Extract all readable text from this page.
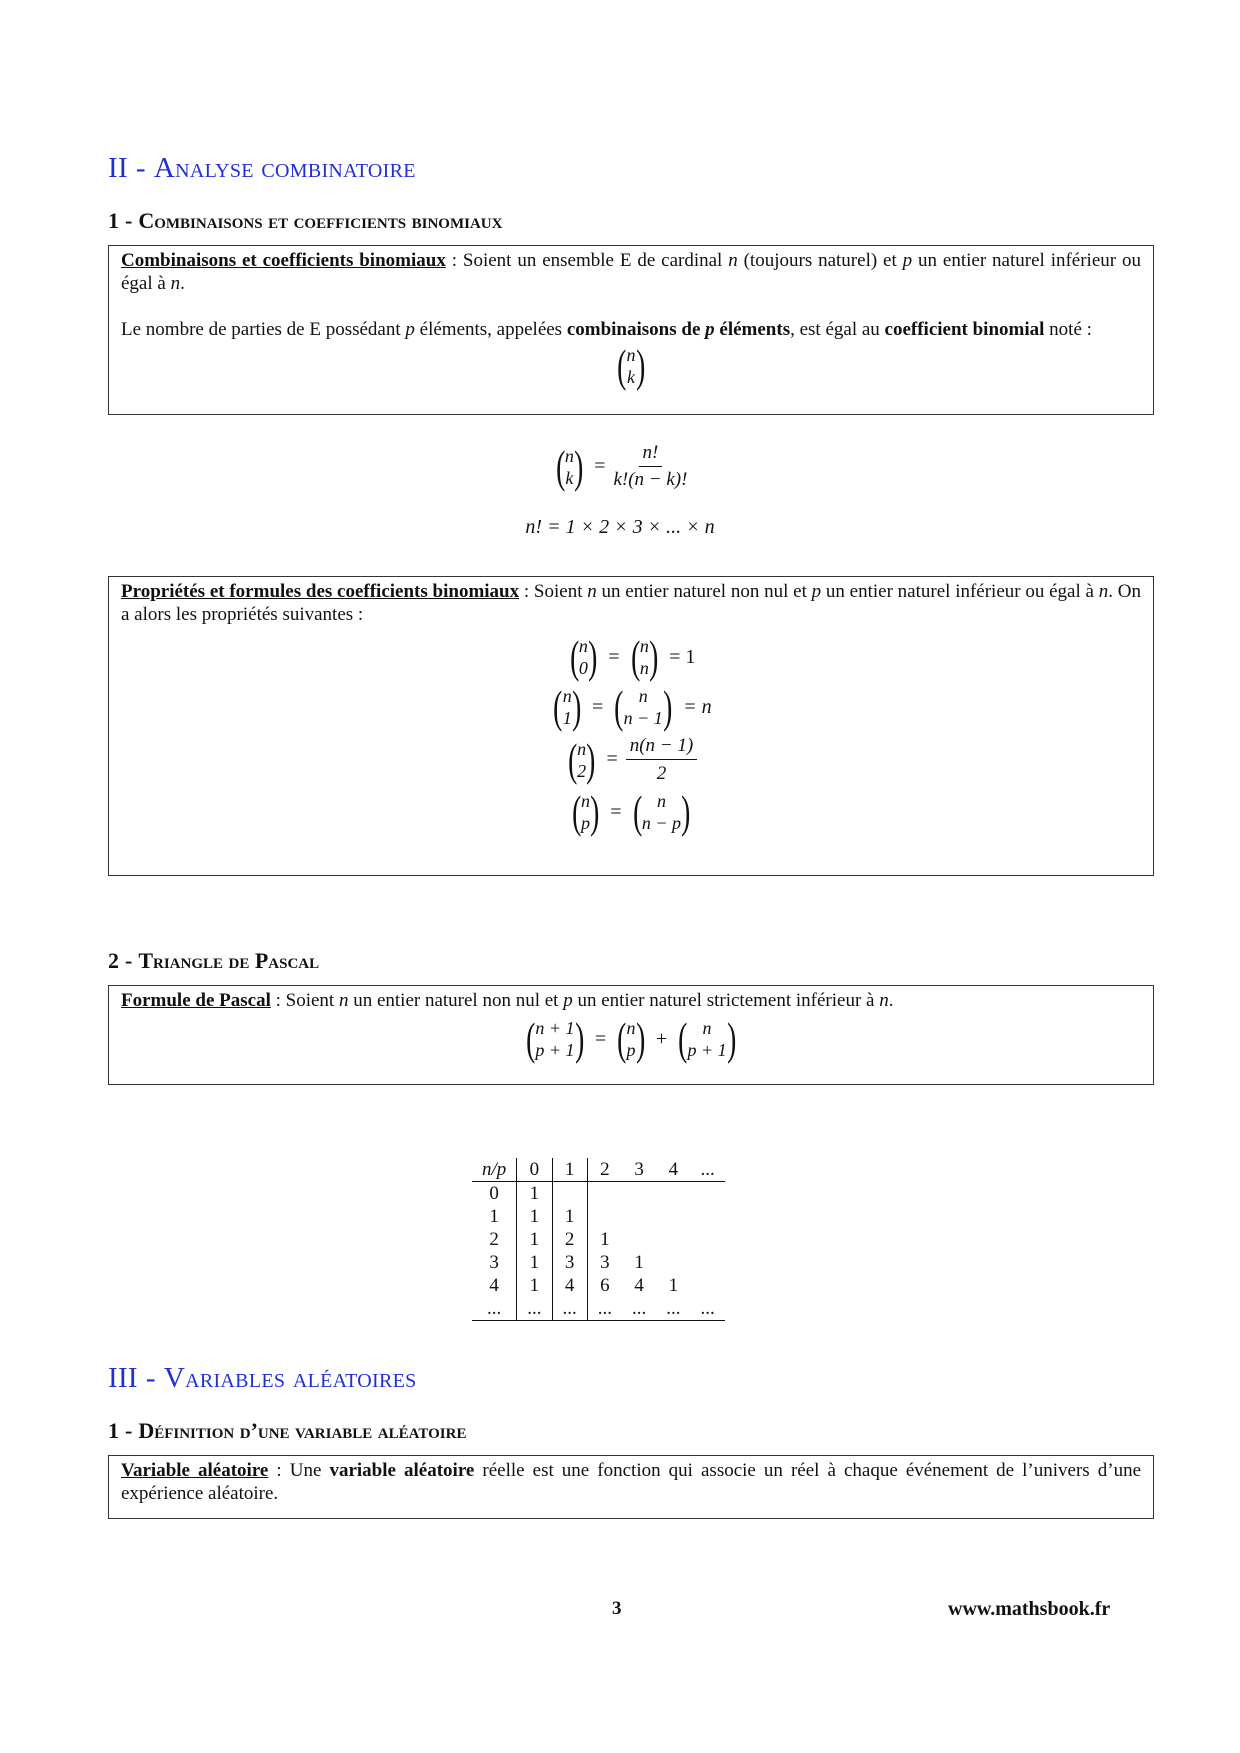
II - Analyse combinatoire
1 - Combinaisons et coefficients binomiaux
Combinaisons et coefficients binomiaux : Soient un ensemble E de cardinal n (toujours naturel) et p un entier naturel inférieur ou égal à n.
Le nombre de parties de E possédant p éléments, appelées combinaisons de p éléments, est égal au coefficient binomial noté :
( n
k )
( n
k ) = $\frac{n!}{k!(n - k)!}$
n! = 1 × 2 × 3 × ... × n
Propriétés et formules des coefficients binomiaux : Soient n un entier naturel non nul et p un entier naturel inférieur ou égal à n. On a alors les propriétés suivantes :
( n
0 ) = ( n
n ) = 1
( n
1 ) = ( n
n − 1 ) = n
( n
2 ) = $\frac{n(n - 1)}{2}$
( n
p ) = ( n
n − p )
2 - Triangle de Pascal
Formule de Pascal : Soient n un entier naturel non nul et p un entier naturel strictement inférieur à n.
( n + 1
p + 1 ) = ( n
p ) + ( n
p + 1 )
n/p	0	1	2	3	4	...
0	1					
1	1	1				
2	1	2	1			
3	1	3	3	1		
4	1	4	6	4	1	
...	...	...	...	...	...	...
III - Variables aléatoires
1 - Définition d’une variable aléatoire
Variable aléatoire : Une variable aléatoire réelle est une fonction qui associe un réel à chaque événement de l’univers d’une expérience aléatoire.
3	www.mathsbook.fr
